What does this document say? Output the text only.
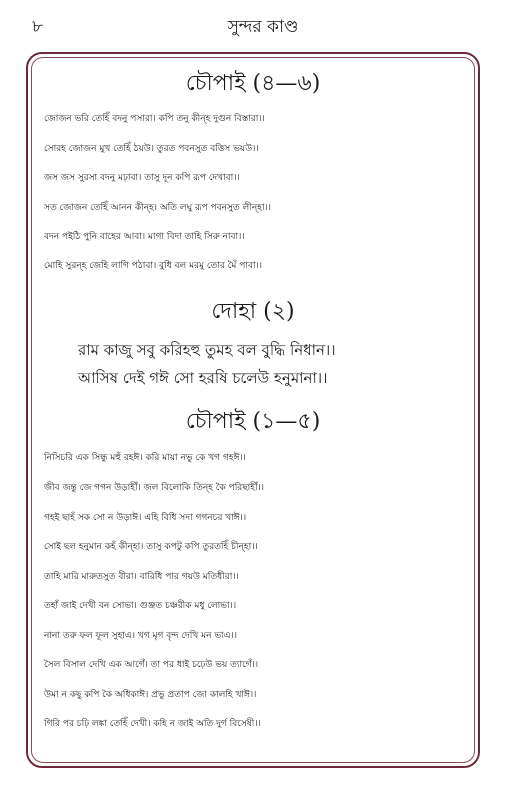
৮	সুন্দর কাণ্ড
চৌপাই (৪—৬)
জোজন ভরি তেহিঁ বদনু পসারা। কপি তনু কীন্হ দুগুন বিস্তারা।।
সোরহ জোজন মুখ তেহিঁ ঠয়উ। তুরত পবনসুত বত্তিস ভয়উ।।
জস জস সুরসা বদনু মঢ়াবা। তাসু দূন কপি রূপ দেখাবা।।
সত জোজন তেহিঁ আনন কীন্হ। অতি লঘু রূপ পবনসুত লীন্হা।।
বদন পইঠি পুনি বাহের আবা। মাগা বিদা তাহি সিরু নাবা।।
মোহি সুরন্হ জেহি লাগি পঠাবা। বুধি বল মরমু তোর মৈঁ পাবা।।
দোহা (২)
রাম কাজু সবু করিহহু তুমহ বল বুদ্ধি নিধান।।
আসিষ দেই গঈ সো হরষি চলেউ হনুমানা।।
চৌপাই (১—৫)
নিসিচরি এক সিন্ধু মহুঁ রহঈ। করি মায়া নভু কে খগ গহঈ।।
জীব জন্তু জে গগন উড়াহীঁ। জল বিলোকি তিন্হ কৈ পরিছাহীঁ।।
গহই ছাহঁ সক সো ন উড়াঈ। এহি বিধি সদা গগনচর খাঈ।।
সোই ছল হনুমান কহঁ কীন্হা। তাসু কপটু কপি তুরতহিঁ চীন্হা।।
তাহি মারি মারুতসুত বীরা। বারিধি পার গয়উ মতিধীরা।।
তহাঁ জাই দেখী বন সোভা। গুঞ্জত চঞ্চরীক মধু লোভা।।
নানা তরু ফল ফূল সুহাএ। খগ মৃগ বৃন্দ দেখি মন ভাএ।।
সৈল বিসাল দেখি এক আগেঁ। তা পর ধাই চঢ়েউ ভয় ত্যাগেঁ।।
উমা ন কছু কপি কৈ অধিকাঈ। প্রভু প্রতাপ জো কালহি খাঈ।।
গিরি পর চঢ়ি লঙ্কা তেহিঁ দেখী। কহি ন জাই অতি দুর্গ বিসেষী।।
